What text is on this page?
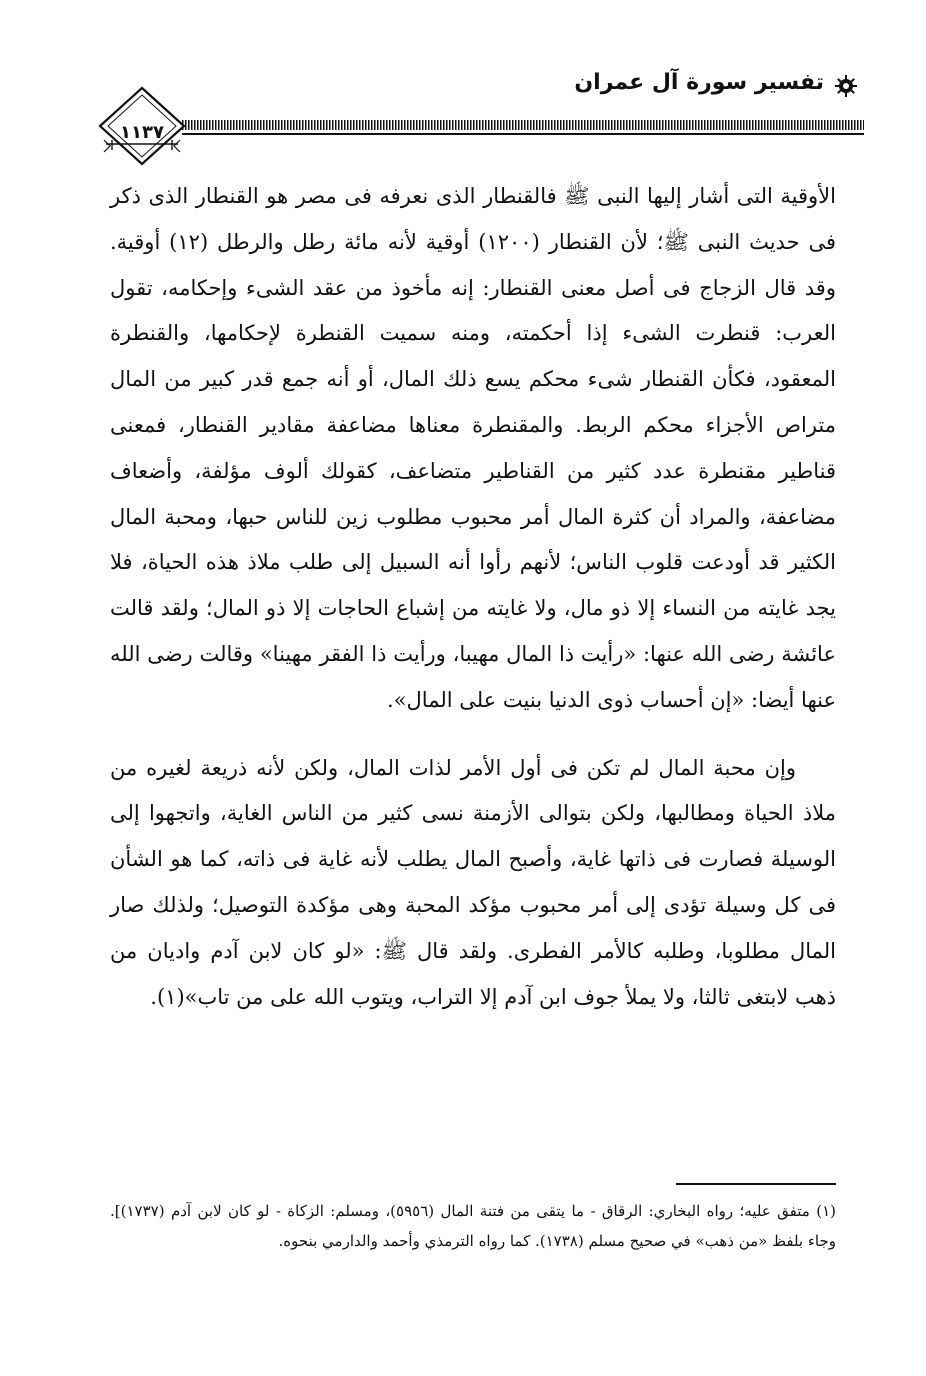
تفسير سورة آل عمران
١١٣٧

الأوقية التى أشار إليها النبى ﷺ فالقنطار الذى نعرفه فى مصر هو القنطار الذى ذكر فى حديث النبى ﷺ؛ لأن القنطار (١٢٠٠) أوقية لأنه مائة رطل والرطل (١٢) أوقية. وقد قال الزجاج فى أصل معنى القنطار: إنه مأخوذ من عقد الشىء وإحكامه، تقول العرب: قنطرت الشىء إذا أحكمته، ومنه سميت القنطرة لإحكامها، والقنطرة المعقود، فكأن القنطار شىء محكم يسع ذلك المال، أو أنه جمع قدر كبير من المال متراص الأجزاء محكم الربط. والمقنطرة معناها مضاعفة مقادير القنطار، فمعنى قناطير مقنطرة عدد كثير من القناطير متضاعف، كقولك ألوف مؤلفة، وأضعاف مضاعفة، والمراد أن كثرة المال أمر محبوب مطلوب زين للناس حبها، ومحبة المال الكثير قد أودعت قلوب الناس؛ لأنهم رأوا أنه السبيل إلى طلب ملاذ هذه الحياة، فلا يجد غايته من النساء إلا ذو مال، ولا غايته من إشباع الحاجات إلا ذو المال؛ ولقد قالت عائشة رضى الله عنها: «رأيت ذا المال مهيبا، ورأيت ذا الفقر مهينا» وقالت رضى الله عنها أيضا: «إن أحساب ذوى الدنيا بنيت على المال».

وإن محبة المال لم تكن فى أول الأمر لذات المال، ولكن لأنه ذريعة لغيره من ملاذ الحياة ومطالبها، ولكن بتوالى الأزمنة نسى كثير من الناس الغاية، واتجهوا إلى الوسيلة فصارت فى ذاتها غاية، وأصبح المال يطلب لأنه غاية فى ذاته، كما هو الشأن فى كل وسيلة تؤدى إلى أمر محبوب مؤكد المحبة وهى مؤكدة التوصيل؛ ولذلك صار المال مطلوبا، وطلبه كالأمر الفطرى. ولقد قال ﷺ: «لو كان لابن آدم واديان من ذهب لابتغى ثالثا، ولا يملأ جوف ابن آدم إلا التراب، ويتوب الله على من تاب»(١).

(١) متفق عليه؛ رواه البخاري: الرقاق - ما يتقى من فتنة المال (٥٩٥٦)، ومسلم: الزكاة - لو كان لابن آدم (١٧٣٧)]. وجاء بلفظ «من ذهب» في صحيح مسلم (١٧٣٨). كما رواه الترمذي وأحمد والدارمي بنحوه.
